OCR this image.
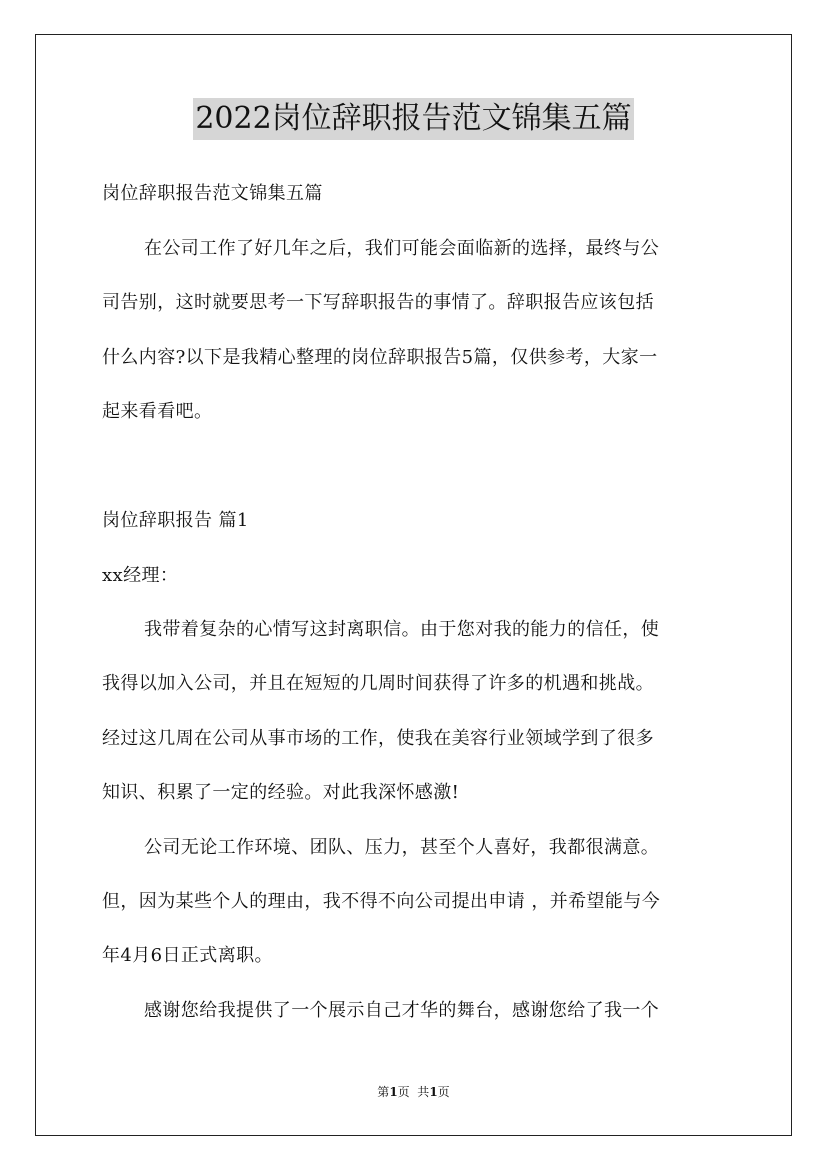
2022岗位辞职报告范文锦集五篇
岗位辞职报告范文锦集五篇
在公司工作了好几年之后，我们可能会面临新的选择，最终与公
司告别，这时就要思考一下写辞职报告的事情了。辞职报告应该包括
什么内容?以下是我精心整理的岗位辞职报告5篇，仅供参考，大家一
起来看看吧。
岗位辞职报告 篇1
xx经理：
我带着复杂的心情写这封离职信。由于您对我的能力的信任，使
我得以加入公司，并且在短短的几周时间获得了许多的机遇和挑战。
经过这几周在公司从事市场的工作，使我在美容行业领域学到了很多
知识、积累了一定的经验。对此我深怀感激!
公司无论工作环境、团队、压力，甚至个人喜好，我都很满意。
但，因为某些个人的理由，我不得不向公司提出申请 ，并希望能与今
年4月6日正式离职。
感谢您给我提供了一个展示自己才华的舞台，感谢您给了我一个
第1页  共1页
